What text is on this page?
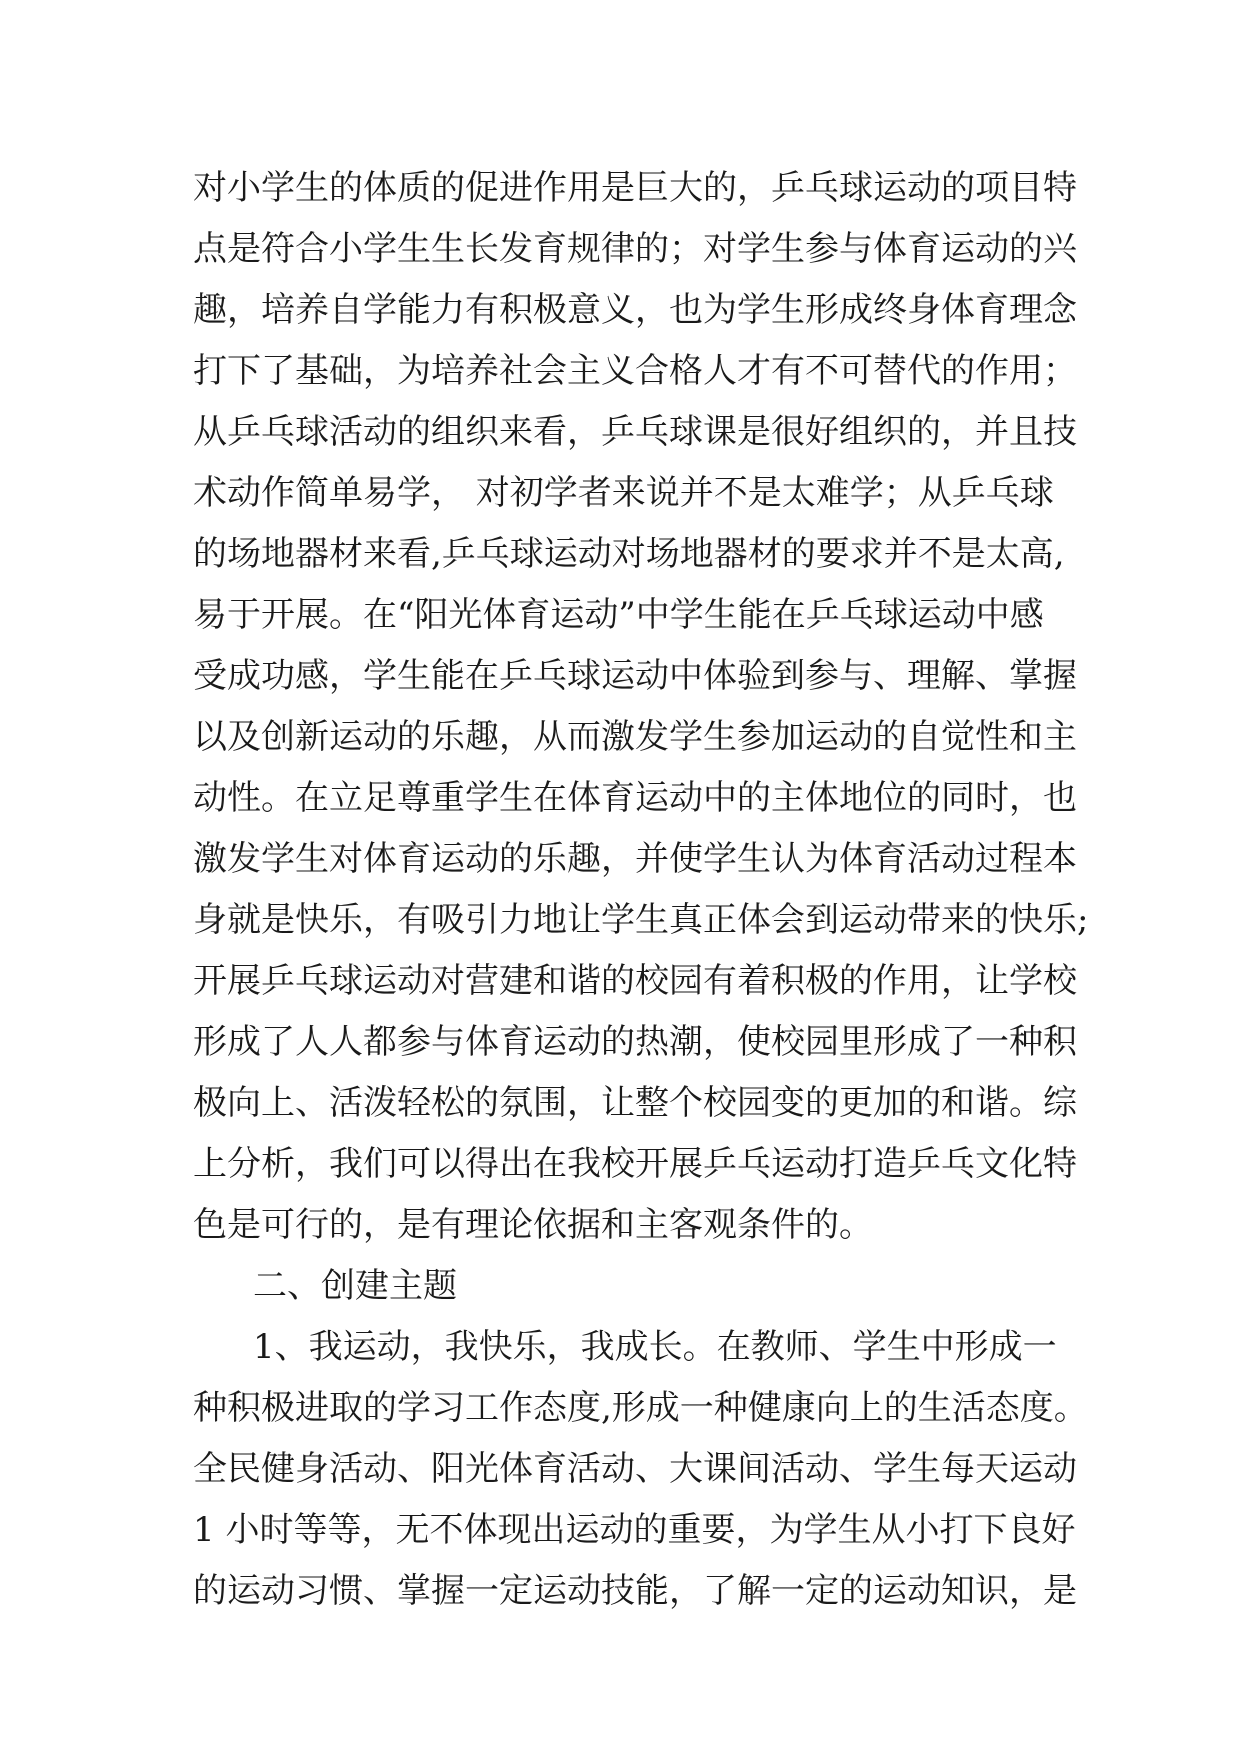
对小学生的体质的促进作用是巨大的，乒乓球运动的项目特
点是符合小学生生长发育规律的；对学生参与体育运动的兴
趣，培养自学能力有积极意义，也为学生形成终身体育理念
打下了基础，为培养社会主义合格人才有不可替代的作用；
从乒乓球活动的组织来看，乒乓球课是很好组织的，并且技
术动作简单易学， 对初学者来说并不是太难学；从乒乓球
的场地器材来看,乒乓球运动对场地器材的要求并不是太高,
易于开展。在“阳光体育运动”中学生能在乒乓球运动中感
受成功感，学生能在乒乓球运动中体验到参与、理解、掌握
以及创新运动的乐趣，从而激发学生参加运动的自觉性和主
动性。在立足尊重学生在体育运动中的主体地位的同时，也
激发学生对体育运动的乐趣，并使学生认为体育活动过程本
身就是快乐，有吸引力地让学生真正体会到运动带来的快乐;
开展乒乓球运动对营建和谐的校园有着积极的作用，让学校
形成了人人都参与体育运动的热潮，使校园里形成了一种积
极向上、活泼轻松的氛围，让整个校园变的更加的和谐。综
上分析，我们可以得出在我校开展乒乓运动打造乒乓文化特
色是可行的，是有理论依据和主客观条件的。
二、创建主题
1、我运动，我快乐，我成长。在教师、学生中形成一
种积极进取的学习工作态度,形成一种健康向上的生活态度。
全民健身活动、阳光体育活动、大课间活动、学生每天运动
1 小时等等，无不体现出运动的重要，为学生从小打下良好
的运动习惯、掌握一定运动技能，了解一定的运动知识，是
